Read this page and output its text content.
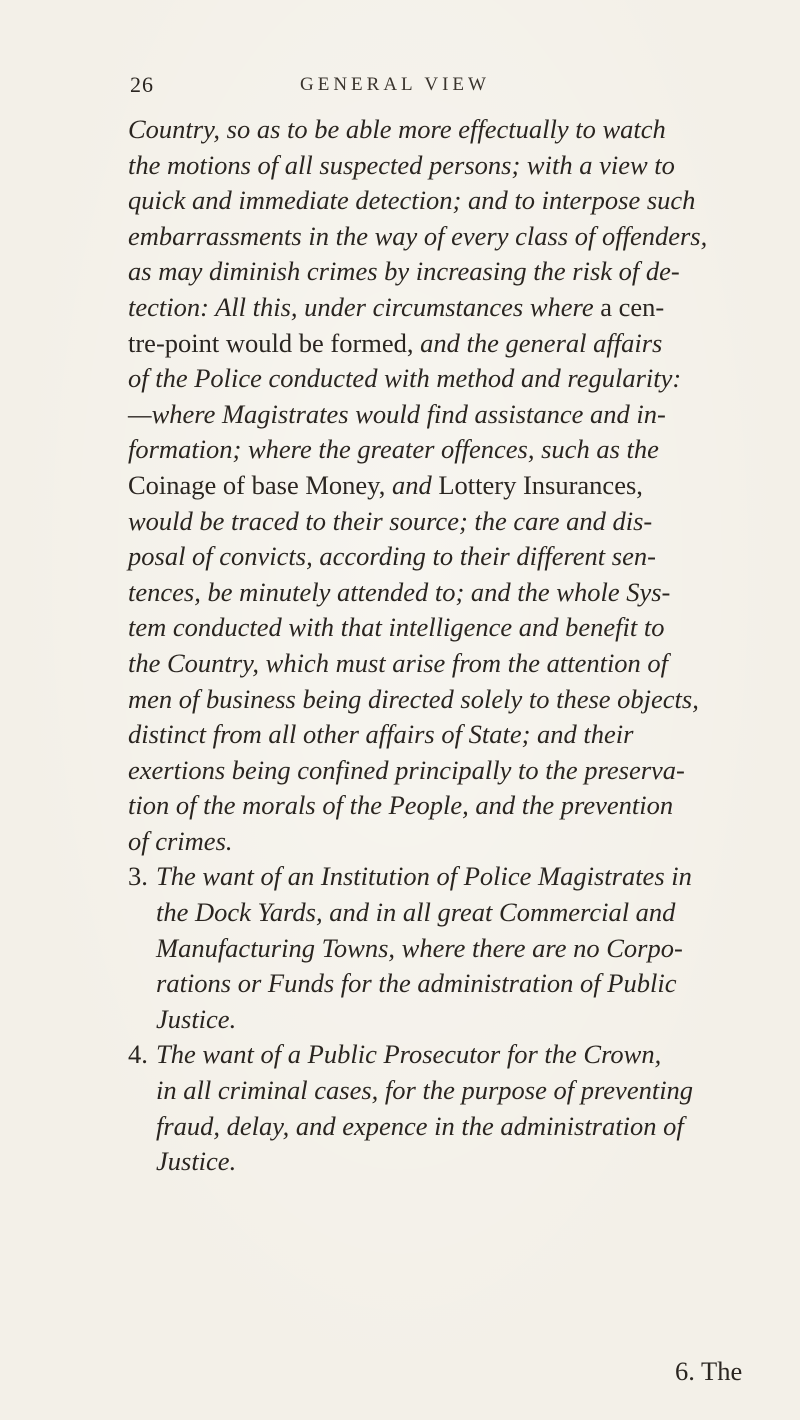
26	GENERAL VIEW
Country, so as to be able more effectually to watch
the motions of all suspected persons; with a view to
quick and immediate detection; and to interpose such
embarrassments in the way of every class of offenders,
as may diminish crimes by increasing the risk of de-
tection: All this, under circumstances where a cen-
tre-point would be formed, and the general affairs
of the Police conducted with method and regularity:
—where Magistrates would find assistance and in-
formation; where the greater offences, such as the
Coinage of base Money, and Lottery Insurances,
would be traced to their source; the care and dis-
posal of convicts, according to their different sen-
tences, be minutely attended to; and the whole Sys-
tem conducted with that intelligence and benefit to
the Country, which must arise from the attention of
men of business being directed solely to these objects,
distinct from all other affairs of State; and their
exertions being confined principally to the preserva-
tion of the morals of the People, and the prevention
of crimes.
3. The want of an Institution of Police Magistrates in
the Dock Yards, and in all great Commercial and
Manufacturing Towns, where there are no Corpo-
rations or Funds for the administration of Public
Justice.
4. The want of a Public Prosecutor for the Crown,
in all criminal cases, for the purpose of preventing
fraud, delay, and expence in the administration of
Justice.
6. The
